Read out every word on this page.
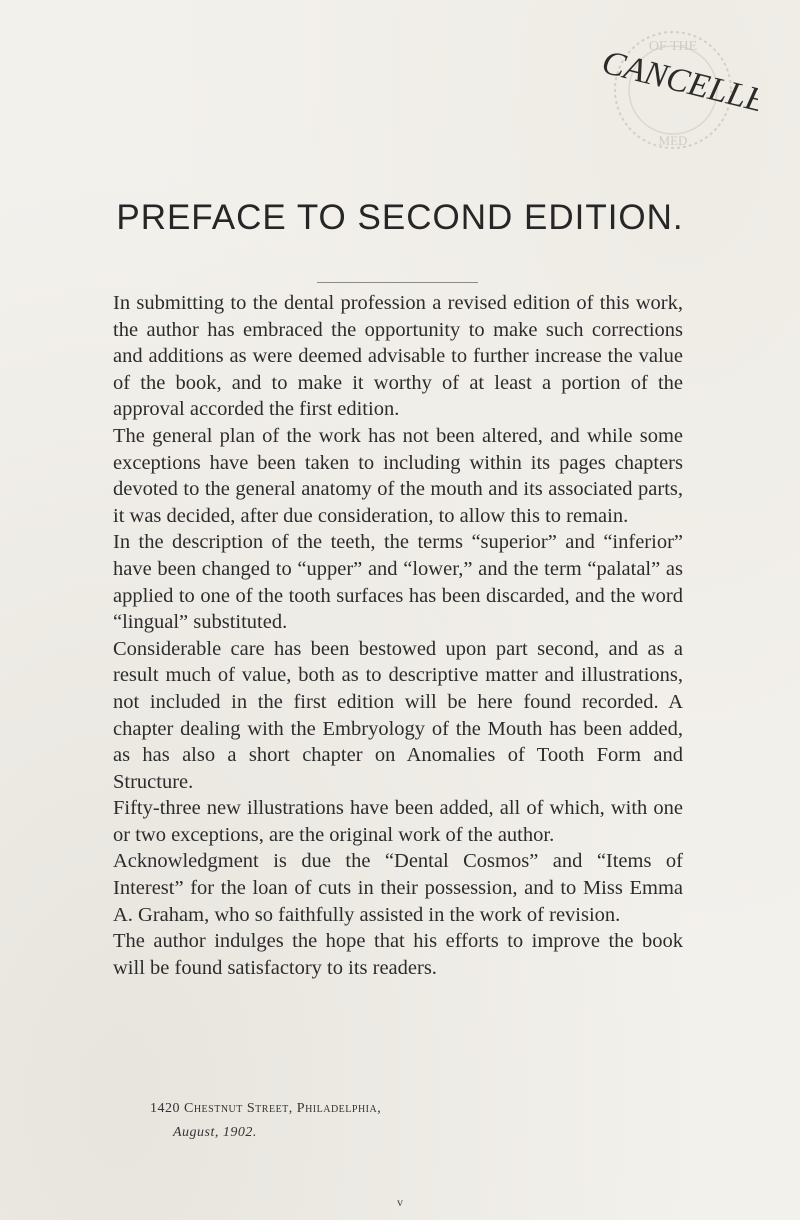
OF THE
MED
CANCELLED
PREFACE TO SECOND EDITION.

In submitting to the dental profession a revised edition of this work, the author has embraced the opportunity to make such corrections and additions as were deemed advisable to further increase the value of the book, and to make it worthy of at least a portion of the approval accorded the first edition.

The general plan of the work has not been altered, and while some exceptions have been taken to including within its pages chapters devoted to the general anatomy of the mouth and its associated parts, it was decided, after due consideration, to allow this to remain.

In the description of the teeth, the terms “superior” and “inferior” have been changed to “upper” and “lower,” and the term “palatal” as applied to one of the tooth surfaces has been discarded, and the word “lingual” substituted.

Considerable care has been bestowed upon part second, and as a result much of value, both as to descriptive matter and illustrations, not included in the first edition will be here found recorded. A chapter dealing with the Embryology of the Mouth has been added, as has also a short chapter on Anomalies of Tooth Form and Structure.

Fifty-three new illustrations have been added, all of which, with one or two exceptions, are the original work of the author.

Acknowledgment is due the “Dental Cosmos” and “Items of Interest” for the loan of cuts in their possession, and to Miss Emma A. Graham, who so faithfully assisted in the work of revision.

The author indulges the hope that his efforts to improve the book will be found satisfactory to its readers.

1420 Chestnut Street, Philadelphia,
August, 1902.
v
